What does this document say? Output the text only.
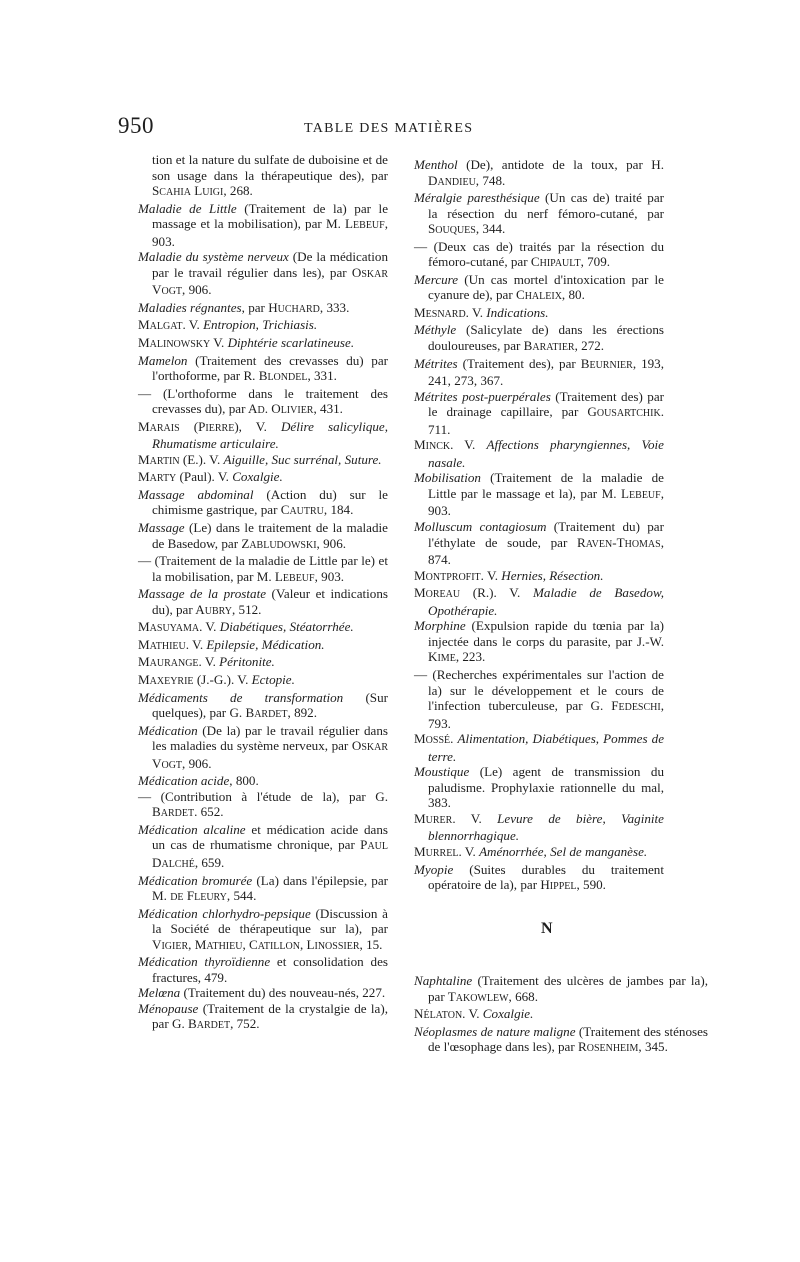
950	TABLE DES MATIÈRES

tion et la nature du sulfate de duboisine et de son usage dans la thérapeutique des), par SCAHIA LUIGI, 268.

Maladie de Little (Traitement de la) par le massage et la mobilisation), par M. LEBEUF, 903.

Maladie du système nerveux (De la médication par le travail régulier dans les), par OSKAR VOGT, 906.

Maladies régnantes, par HUCHARD, 333.

MALGAT. V. Entropion, Trichiasis.

MALINOWSKY V. Diphtérie scarlatineuse.

Mamelon (Traitement des crevasses du) par l'orthoforme, par R. BLONDEL, 331.

— (L'orthoforme dans le traitement des crevasses du), par AD. OLIVIER, 431.

MARAIS (PIERRE), V. Délire salicylique, Rhumatisme articulaire.

MARTIN (E.). V. Aiguille, Suc surrénal, Suture.

MARTY (Paul). V. Coxalgie.

Massage abdominal (Action du) sur le chimisme gastrique, par CAUTRU, 184.

Massage (Le) dans le traitement de la maladie de Basedow, par ZABLUDOWSKI, 906.

— (Traitement de la maladie de Little par le) et la mobilisation, par M. LEBEUF, 903.

Massage de la prostate (Valeur et indications du), par AUBRY, 512.

MASUYAMA. V. Diabétiques, Stéatorrhée.

MATHIEU. V. Epilepsie, Médication.

MAURANGE. V. Péritonite.

MAXEYRIE (J.-G.). V. Ectopie.

Médicaments de transformation (Sur quelques), par G. BARDET, 892.

Médication (De la) par le travail régulier dans les maladies du système nerveux, par OSKAR VOGT, 906.

Médication acide, 800.

— (Contribution à l'étude de la), par G. BARDET. 652.

Médication alcaline et médication acide dans un cas de rhumatisme chronique, par PAUL DALCHÉ, 659.

Médication bromurée (La) dans l'épilepsie, par M. DE FLEURY, 544.

Médication chlorhydro-pepsique (Discussion à la Société de thérapeutique sur la), par VIGIER, MATHIEU, CATILLON, LINOSSIER, 15.

Médication thyroïdienne et consolidation des fractures, 479.

Melœna (Traitement du) des nouveau-nés, 227.

Ménopause (Traitement de la crystalgie de la), par G. BARDET, 752.

Menthol (De), antidote de la toux, par H. DANDIEU, 748.

Méralgie paresthésique (Un cas de) traité par la résection du nerf fémoro-cutané, par SOUQUES, 344.

— (Deux cas de) traités par la résection du fémoro-cutané, par CHIPAULT, 709.

Mercure (Un cas mortel d'intoxication par le cyanure de), par CHALEIX, 80.

MESNARD. V. Indications.

Méthyle (Salicylate de) dans les érections douloureuses, par BARATIER, 272.

Métrites (Traitement des), par BEURNIER, 193, 241, 273, 367.

Métrites post-puerpérales (Traitement des) par le drainage capillaire, par GOUSARTCHIK. 711.

MINCK. V. Affections pharyngiennes, Voie nasale.

Mobilisation (Traitement de la maladie de Little par le massage et la), par M. LEBEUF, 903.

Molluscum contagiosum (Traitement du) par l'éthylate de soude, par RAVEN-THOMAS, 874.

MONTPROFIT. V. Hernies, Résection.

MOREAU (R.). V. Maladie de Basedow, Opothérapie.

Morphine (Expulsion rapide du tœnia par la) injectée dans le corps du parasite, par J.-W. KIME, 223.

— (Recherches expérimentales sur l'action de la) sur le développement et le cours de l'infection tuberculeuse, par G. FEDESCHI, 793.

MOSSÉ. Alimentation, Diabétiques, Pommes de terre.

Moustique (Le) agent de transmission du paludisme. Prophylaxie rationnelle du mal, 383.

MURER. V. Levure de bière, Vaginite blennorrhagique.

MURREL. V. Aménorrhée, Sel de manganèse.

Myopie (Suites durables du traitement opératoire de la), par HIPPEL, 590.

N

Naphtaline (Traitement des ulcères de jambes par la), par TAKOWLEW, 668.

NÉLATON. V. Coxalgie.

Néoplasmes de nature maligne (Traitement des sténoses de l'œsophage dans les), par ROSENHEIM, 345.
